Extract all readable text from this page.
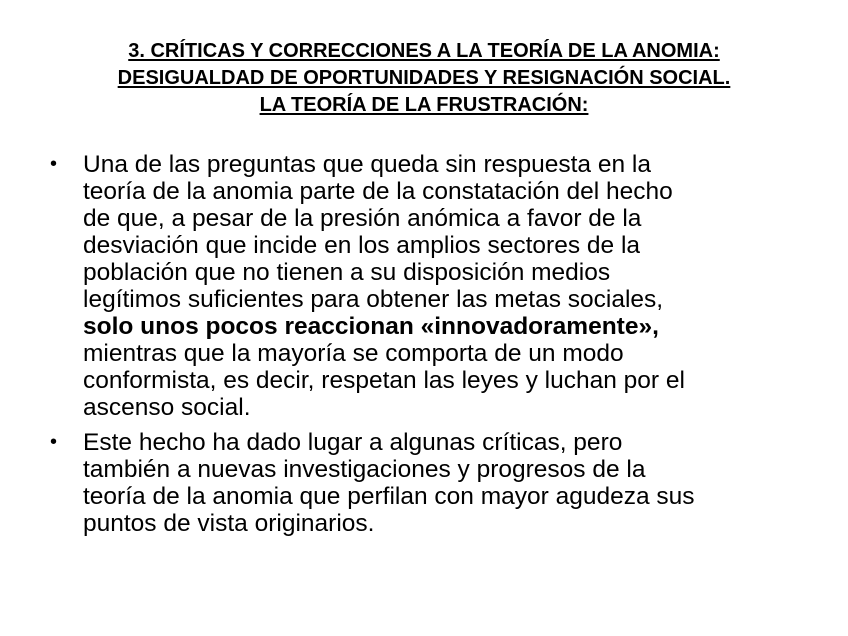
3. CRÍTICAS Y CORRECCIONES A LA TEORÍA DE LA ANOMIA:
DESIGUALDAD DE OPORTUNIDADES Y RESIGNACIÓN SOCIAL.
LA TEORÍA DE LA FRUSTRACIÓN:
• Una de las preguntas que queda sin respuesta en la
teoría de la anomia parte de la constatación del hecho
de que, a pesar de la presión anómica a favor de la
desviación que incide en los amplios sectores de la
población que no tienen a su disposición medios
legítimos suficientes para obtener las metas sociales,
solo unos pocos reaccionan «innovadoramente»,
mientras que la mayoría se comporta de un modo
conformista, es decir, respetan las leyes y luchan por el
ascenso social.
• Este hecho ha dado lugar a algunas críticas, pero
también a nuevas investigaciones y progresos de la
teoría de la anomia que perfilan con mayor agudeza sus
puntos de vista originarios.
